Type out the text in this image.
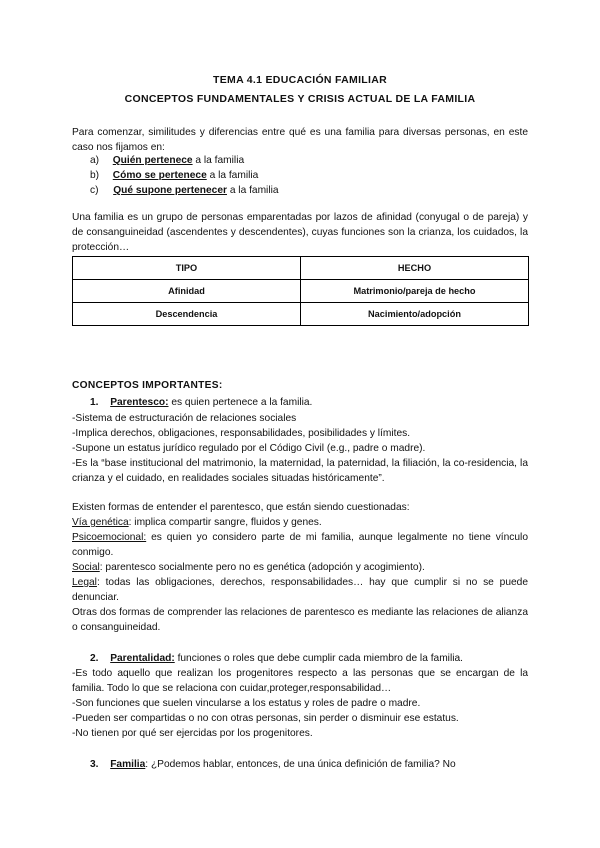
TEMA 4.1 EDUCACIÓN FAMILIAR
CONCEPTOS FUNDAMENTALES Y CRISIS ACTUAL DE LA FAMILIA
Para comenzar, similitudes y diferencias entre qué es una familia para diversas personas, en este caso nos fijamos en:
a) Quién pertenece a la familia
b) Cómo se pertenece a la familia
c) Qué supone pertenecer a la familia
Una familia es un grupo de personas emparentadas por lazos de afinidad (conyugal o de pareja) y de consanguineidad (ascendentes y descendentes), cuyas funciones son la crianza, los cuidados, la protección…
TIPO	HECHO
Afinidad	Matrimonio/pareja de hecho
Descendencia	Nacimiento/adopción
CONCEPTOS IMPORTANTES:
1. Parentesco: es quien pertenece a la familia.
-Sistema de estructuración de relaciones sociales
-Implica derechos, obligaciones, responsabilidades, posibilidades y límites.
-Supone un estatus jurídico regulado por el Código Civil (e.g., padre o madre).
-Es la “base institucional del matrimonio, la maternidad, la paternidad, la filiación, la co-residencia, la crianza y el cuidado, en realidades sociales situadas históricamente”.
Existen formas de entender el parentesco, que están siendo cuestionadas:
Vía genética: implica compartir sangre, fluidos y genes.
Psicoemocional: es quien yo considero parte de mi familia, aunque legalmente no tiene vínculo conmigo.
Social: parentesco socialmente pero no es genética (adopción y acogimiento).
Legal: todas las obligaciones, derechos, responsabilidades… hay que cumplir si no se puede denunciar.
Otras dos formas de comprender las relaciones de parentesco es mediante las relaciones de alianza o consanguineidad.
2. Parentalidad: funciones o roles que debe cumplir cada miembro de la familia.
-Es todo aquello que realizan los progenitores respecto a las personas que se encargan de la familia. Todo lo que se relaciona con cuidar,proteger,responsabilidad…
-Son funciones que suelen vincularse a los estatus y roles de padre o madre.
-Pueden ser compartidas o no con otras personas, sin perder o disminuir ese estatus.
-No tienen por qué ser ejercidas por los progenitores.
3. Familia: ¿Podemos hablar, entonces, de una única definición de familia? No
